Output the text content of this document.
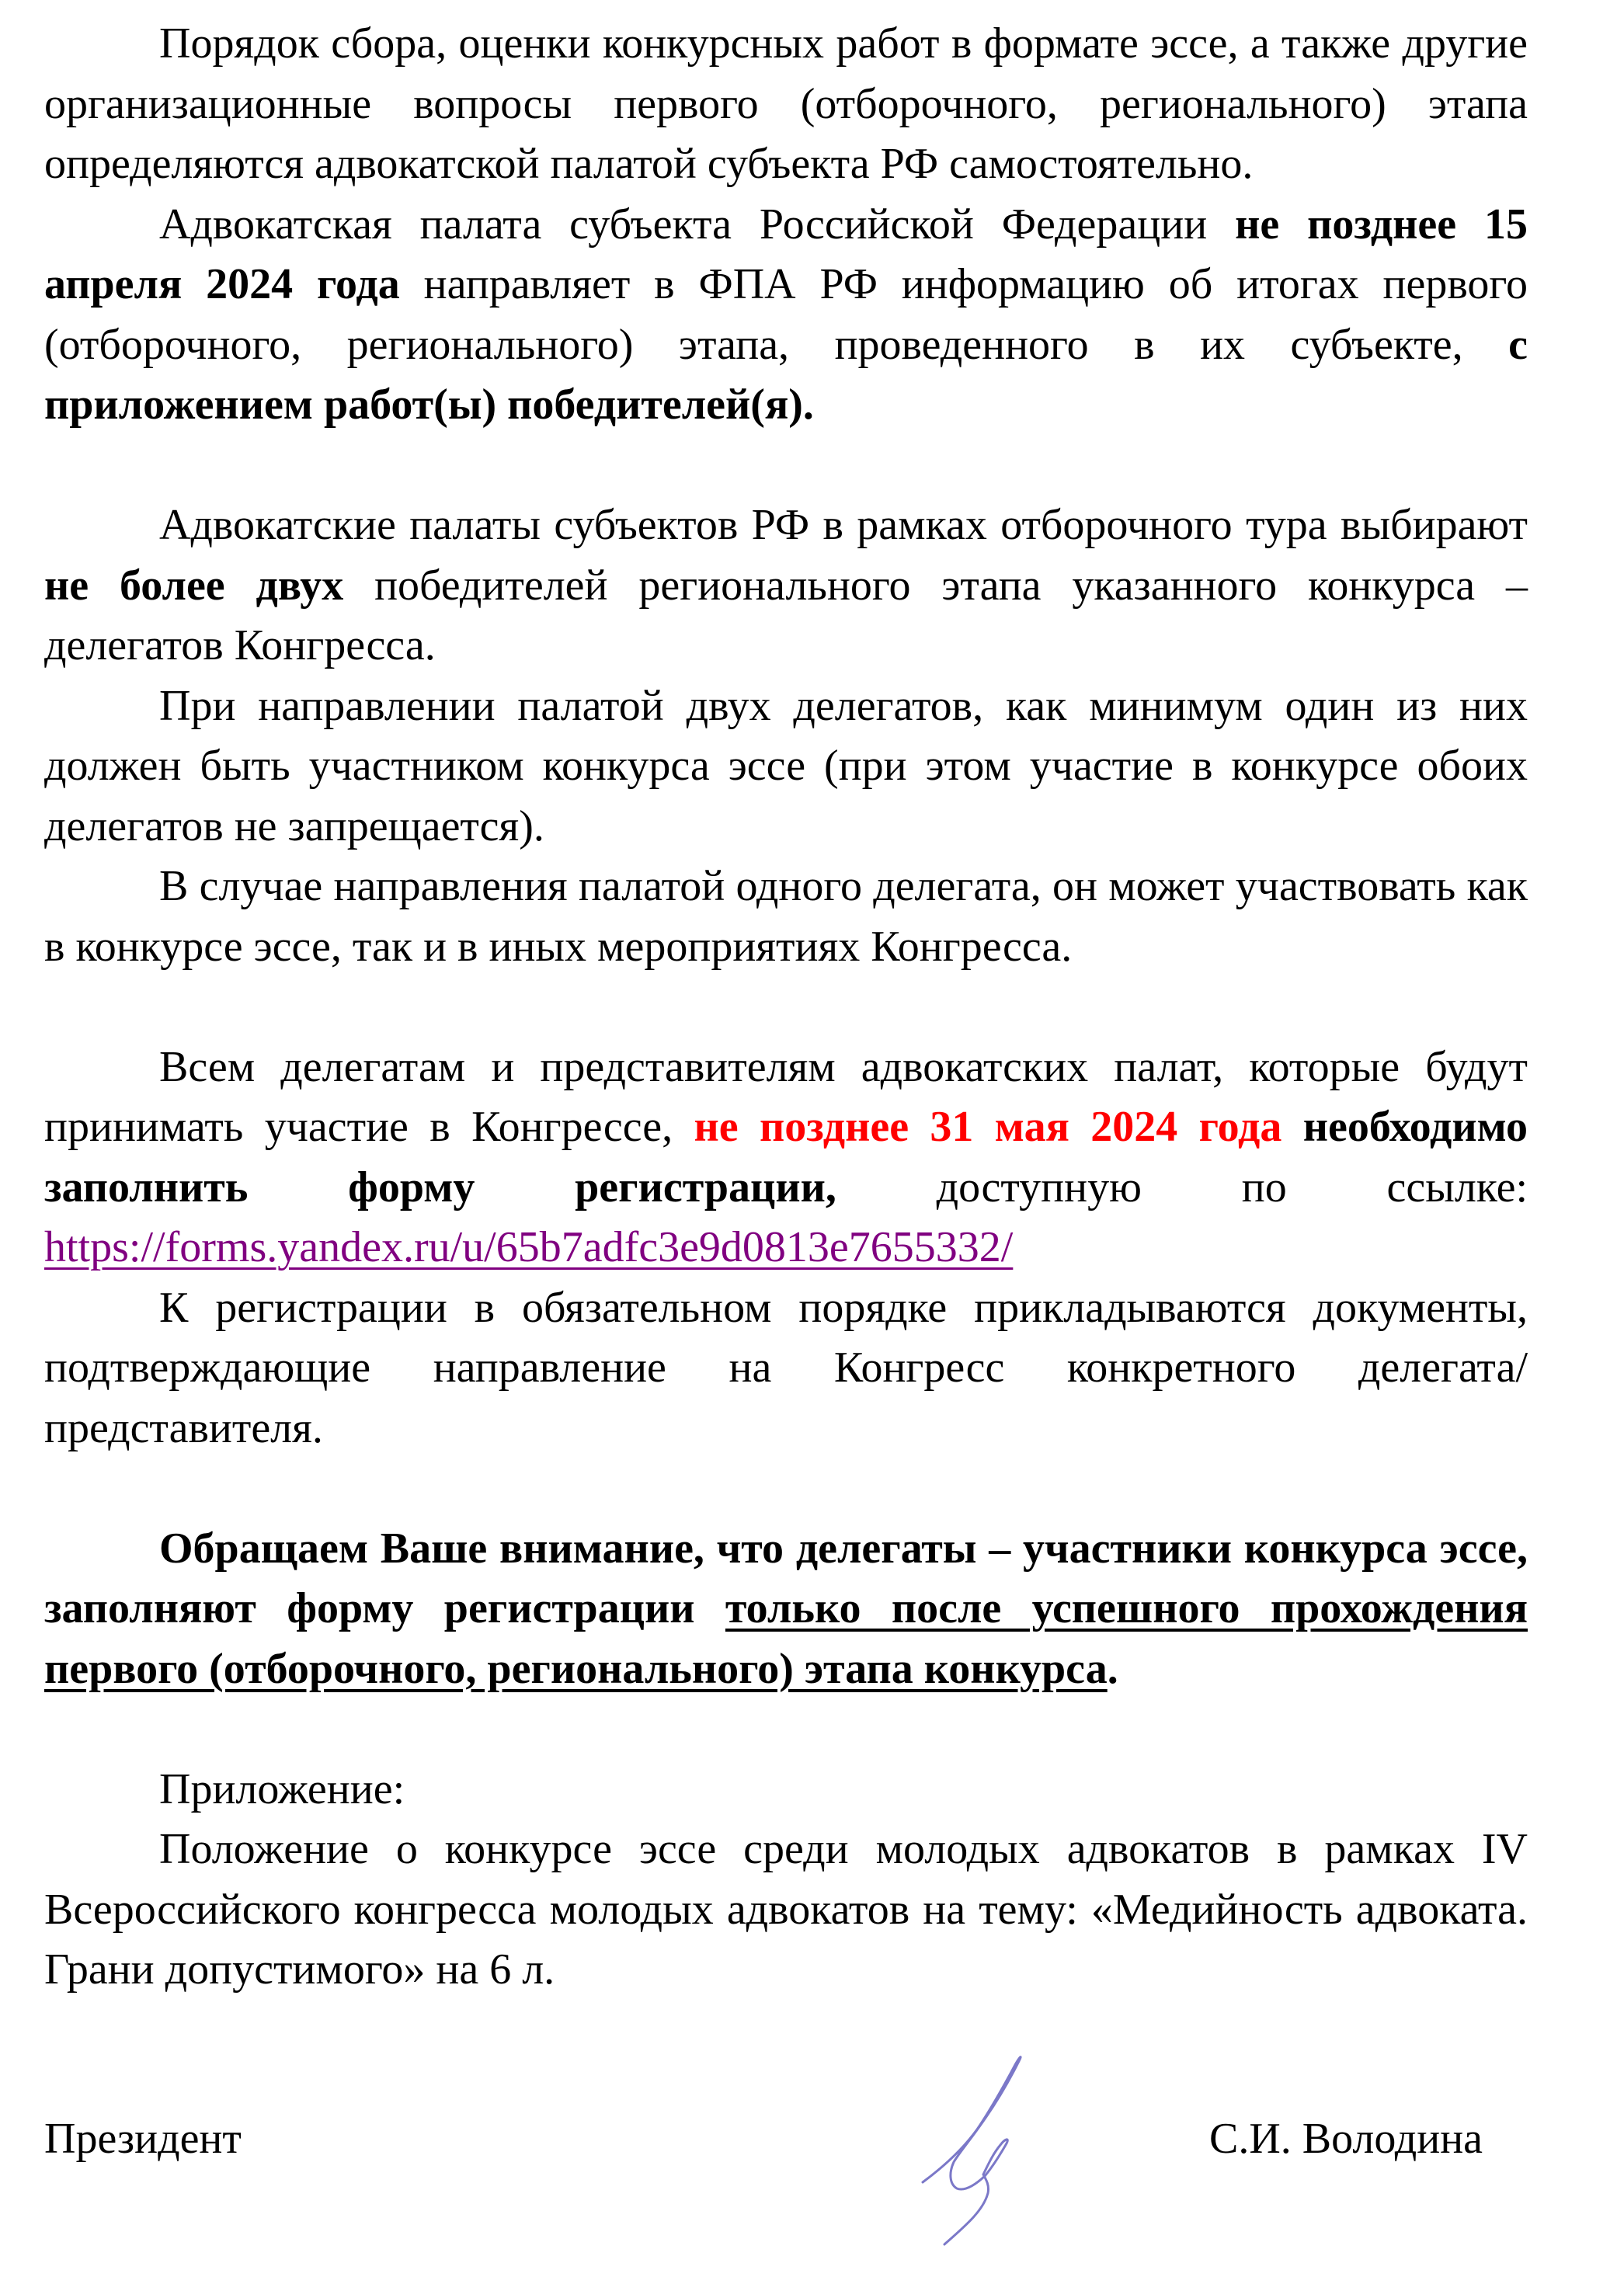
Порядок сбора, оценки конкурсных работ в формате эссе, а также другие организационные вопросы первого (отборочного, регионального) этапа определяются адвокатской палатой субъекта РФ самостоятельно.

Адвокатская палата субъекта Российской Федерации не позднее 15 апреля 2024 года направляет в ФПА РФ информацию об итогах первого (отборочного, регионального) этапа, проведенного в их субъекте, с приложением работ(ы) победителей(я).

Адвокатские палаты субъектов РФ в рамках отборочного тура выбирают не более двух победителей регионального этапа указанного конкурса – делегатов Конгресса.

При направлении палатой двух делегатов, как минимум один из них должен быть участником конкурса эссе (при этом участие в конкурсе обоих делегатов не запрещается).

В случае направления палатой одного делегата, он может участвовать как в конкурсе эссе, так и в иных мероприятиях Конгресса.

Всем делегатам и представителям адвокатских палат, которые будут принимать участие в Конгрессе, не позднее 31 мая 2024 года необходимо заполнить форму регистрации, доступную по ссылке: https://forms.yandex.ru/u/65b7adfc3e9d0813e7655332/

К регистрации в обязательном порядке прикладываются документы, подтверждающие направление на Конгресс конкретного делегата/представителя.

Обращаем Ваше внимание, что делегаты – участники конкурса эссе, заполняют форму регистрации только после успешного прохождения первого (отборочного, регионального) этапа конкурса.

Приложение:

Положение о конкурсе эссе среди молодых адвокатов в рамках IV Всероссийского конгресса молодых адвокатов на тему: «Медийность адвоката. Грани допустимого» на 6 л.

Президент	С.И. Володина
